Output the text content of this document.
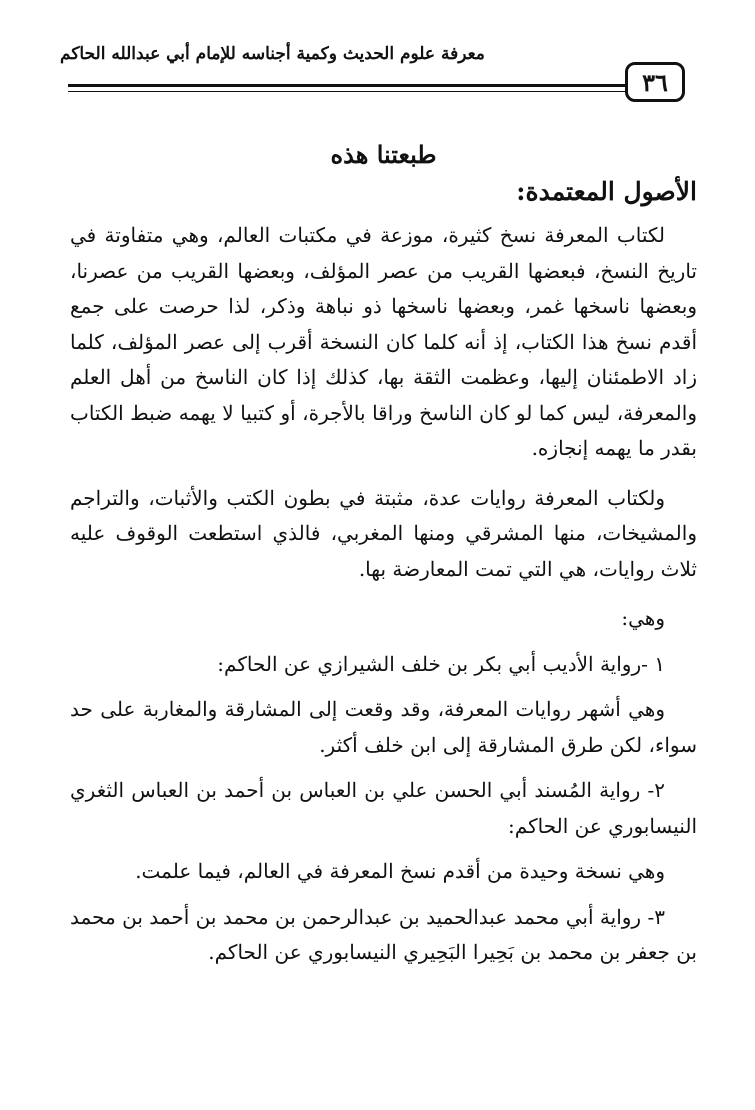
معرفة علوم الحديث وكمية أجناسه للإمام أبي عبدالله الحاكم
٣٦
طبعتنا هذه
الأصول المعتمدة:

لكتاب المعرفة نسخ كثيرة، موزعة في مكتبات العالم، وهي متفاوتة في تاريخ النسخ، فبعضها القريب من عصر المؤلف، وبعضها القريب من عصرنا، وبعضها ناسخها غمر، وبعضها ناسخها ذو نباهة وذكر، لذا حرصت على جمع أقدم نسخ هذا الكتاب، إذ أنه كلما كان النسخة أقرب إلى عصر المؤلف، كلما زاد الاطمئنان إليها، وعظمت الثقة بها، كذلك إذا كان الناسخ من أهل العلم والمعرفة، ليس كما لو كان الناسخ وراقا بالأجرة، أو كتبيا لا يهمه ضبط الكتاب بقدر ما يهمه إنجازه.

ولكتاب المعرفة روايات عدة، مثبتة في بطون الكتب والأثبات، والتراجم والمشيخات، منها المشرقي ومنها المغربي، فالذي استطعت الوقوف عليه ثلاث روايات، هي التي تمت المعارضة بها.

وهي:

١ -رواية الأديب أبي بكر بن خلف الشيرازي عن الحاكم:

وهي أشهر روايات المعرفة، وقد وقعت إلى المشارقة والمغاربة على حد سواء، لكن طرق المشارقة إلى ابن خلف أكثر.

٢- رواية المُسند أبي الحسن علي بن العباس بن أحمد بن العباس الثغري النيسابوري عن الحاكم:

وهي نسخة وحيدة من أقدم نسخ المعرفة في العالم، فيما علمت.

٣- رواية أبي محمد عبدالحميد بن عبدالرحمن بن محمد بن أحمد بن محمد بن جعفر بن محمد بن بَحِيرا البَحِيري النيسابوري عن الحاكم.
